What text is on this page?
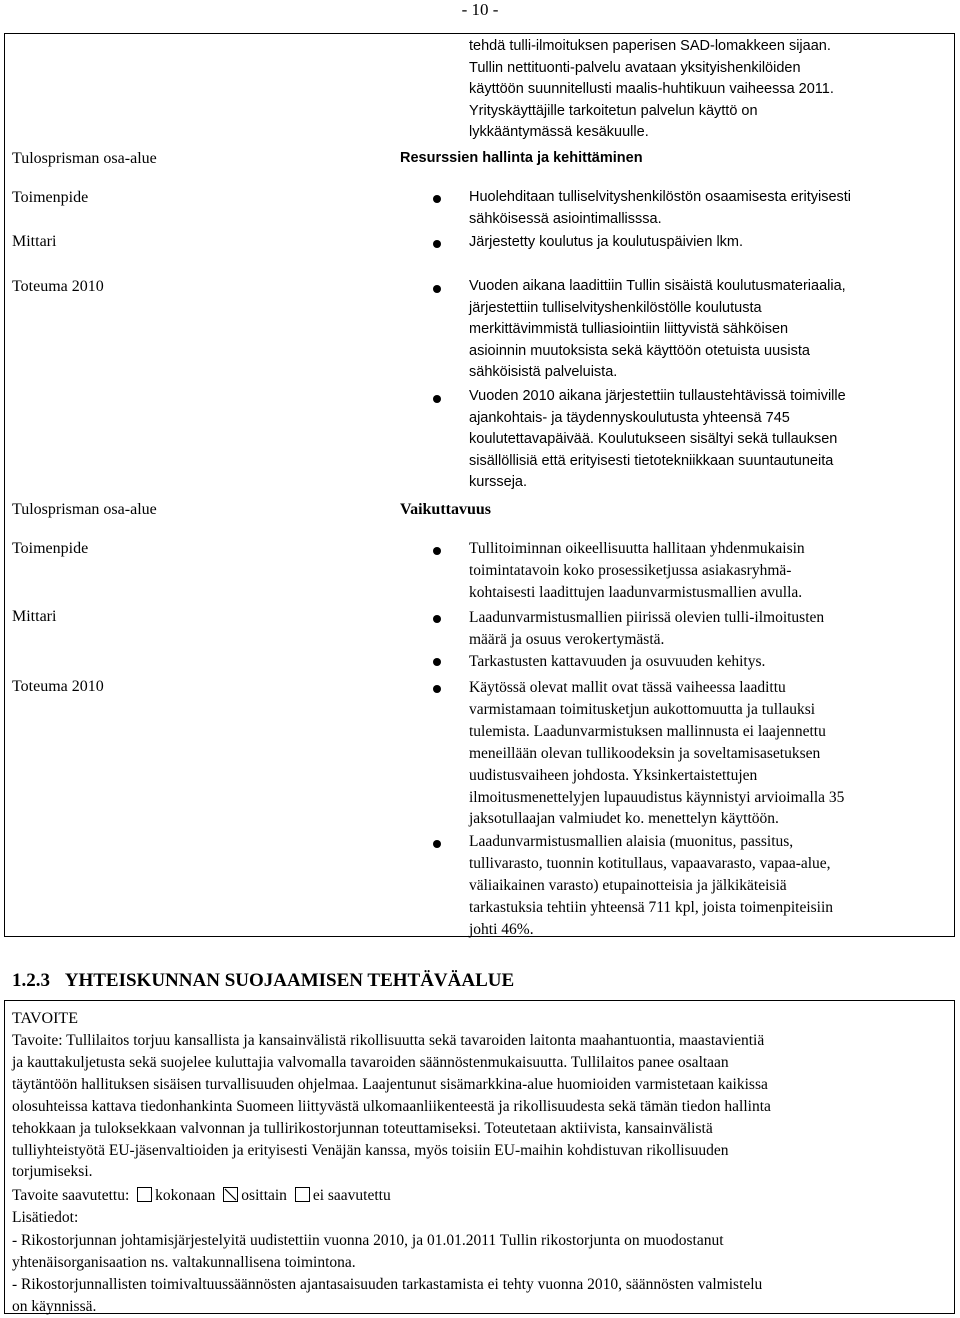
- 10 -
tehdä tulli-ilmoituksen paperisen SAD-lomakkeen sijaan.
Tullin nettituonti-palvelu avataan yksityishenkilöiden
käyttöön suunnitellusti maalis-huhtikuun vaiheessa 2011.
Yrityskäyttäjille tarkoitetun palvelun käyttö on
lykkääntymässä kesäkuulle.
Tulosprisman osa-alue	Resurssien hallinta ja kehittäminen
Toimenpide	Huolehditaan tulliselvityshenkilöstön osaamisesta erityisesti
sähköisessä asiointimallisssa.
Mittari	Järjestetty koulutus ja koulutuspäivien lkm.
Toteuma 2010	Vuoden aikana laadittiin Tullin sisäistä koulutusmateriaalia,
järjestettiin tulliselvityshenkilöstölle koulutusta
merkittävimmistä tulliasiointiin liittyvistä sähköisen
asioinnin muutoksista sekä käyttöön otetuista uusista
sähköisistä palveluista.
Vuoden 2010 aikana järjestettiin tullaustehtävissä toimiville
ajankohtais- ja täydennyskoulutusta yhteensä 745
koulutettavapäivää. Koulutukseen sisältyi sekä tullauksen
sisällöllisiä että erityisesti tietotekniikkaan suuntautuneita
kursseja.
Tulosprisman osa-alue	Vaikuttavuus
Toimenpide	Tullitoiminnan oikeellisuutta hallitaan yhdenmukaisin
toimintatavoin koko prosessiketjussa asiakasryhmä-
kohtaisesti laadittujen laadunvarmistusmallien avulla.
Mittari	Laadunvarmistusmallien piirissä olevien tulli-ilmoitusten
määrä ja osuus verokertymästä.
Tarkastusten kattavuuden ja osuvuuden kehitys.
Toteuma 2010	Käytössä olevat mallit ovat tässä vaiheessa laadittu
varmistamaan toimitusketjun aukottomuutta ja tullauksi
tulemista. Laadunvarmistuksen mallinnusta ei laajennettu
meneillään olevan tullikoodeksin ja soveltamisasetuksen
uudistusvaiheen johdosta. Yksinkertaistettujen
ilmoitusmenettelyjen lupauudistus käynnistyi arvioimalla 35
jaksotullaajan valmiudet ko. menettelyn käyttöön.
Laadunvarmistusmallien alaisia (muonitus, passitus,
tullivarasto, tuonnin kotitullaus, vapaavarasto, vapaa-alue,
väliaikainen varasto) etupainotteisia ja jälkikäteisiä
tarkastuksia tehtiin yhteensä 711 kpl, joista toimenpiteisiin
johti 46%.
1.2.3 YHTEISKUNNAN SUOJAAMISEN TEHTÄVÄALUE
TAVOITE
Tavoite: Tullilaitos torjuu kansallista ja kansainvälistä rikollisuutta sekä tavaroiden laitonta maahantuontia, maastavientiä
ja kauttakuljetusta sekä suojelee kuluttajia valvomalla tavaroiden säännöstenmukaisuutta. Tullilaitos panee osaltaan
täytäntöön hallituksen sisäisen turvallisuuden ohjelmaa. Laajentunut sisämarkkina-alue huomioiden varmistetaan kaikissa
olosuhteissa kattava tiedonhankinta Suomeen liittyvästä ulkomaanliikenteestä ja rikollisuudesta sekä tämän tiedon hallinta
tehokkaan ja tuloksekkaan valvonnan ja tullirikostorjunnan toteuttamiseksi. Toteutetaan aktiivista, kansainvälistä
tulliyhteistyötä EU-jäsenvaltioiden ja erityisesti Venäjän kanssa, myös toisiin EU-maihin kohdistuvan rikollisuuden
torjumiseksi.
Tavoite saavutettu: kokonaan osittain ei saavutettu
Lisätiedot:
- Rikostorjunnan johtamisjärjestelyitä uudistettiin vuonna 2010, ja 01.01.2011 Tullin rikostorjunta on muodostanut
yhtenäisorganisaation ns. valtakunnallisena toimintona.
- Rikostorjunnallisten toimivaltuussäännösten ajantasaisuuden tarkastamista ei tehty vuonna 2010, säännösten valmistelu
on käynnissä.
